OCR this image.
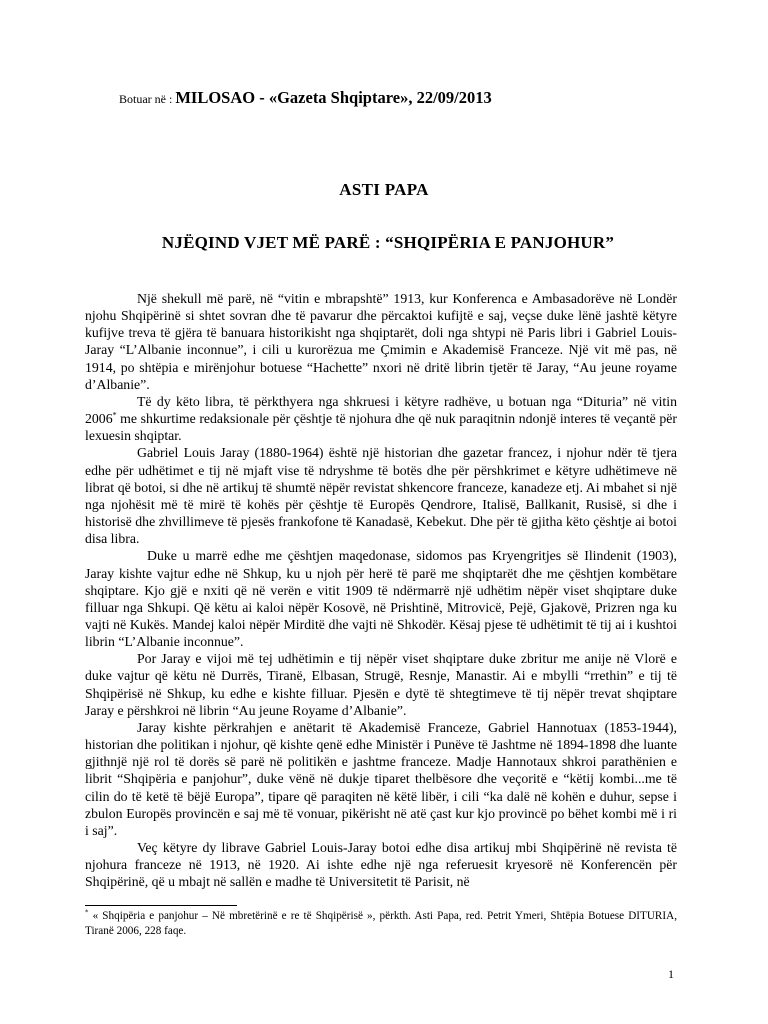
Botuar në : MILOSAO - «Gazeta Shqiptare», 22/09/2013
ASTI PAPA
NJËQIND VJET MË PARË : “SHQIPËRIA E PANJOHUR”

Një shekull më parë, në “vitin e mbrapshtë” 1913, kur Konferenca e Ambasadorëve në Londër njohu Shqipërinë si shtet sovran dhe të pavarur dhe përcaktoi kufijtë e saj, veçse duke lënë jashtë këtyre kufijve treva të gjëra të banuara historikisht nga shqiptarët, doli nga shtypi në Paris libri i Gabriel Louis-Jaray “L’Albanie inconnue”, i cili u kurorëzua me Çmimin e Akademisë Franceze. Një vit më pas, në 1914, po shtëpia e mirënjohur botuese “Hachette” nxori në dritë librin tjetër të Jaray, “Au jeune royame d’Albanie”.

Të dy këto libra, të përkthyera nga shkruesi i këtyre radhëve, u botuan nga “Dituria” në vitin 2006* me shkurtime redaksionale për çështje të njohura dhe që nuk paraqitnin ndonjë interes të veçantë për lexuesin shqiptar.

Gabriel Louis Jaray (1880-1964) është një historian dhe gazetar francez, i njohur ndër të tjera edhe për udhëtimet e tij në mjaft vise të ndryshme të botës dhe për përshkrimet e këtyre udhëtimeve në librat që botoi, si dhe në artikuj të shumtë nëpër revistat shkencore franceze, kanadeze etj. Ai mbahet si një nga njohësit më të mirë të kohës për çështje të Europës Qendrore, Italisë, Ballkanit, Rusisë, si dhe i historisë dhe zhvillimeve të pjesës frankofone të Kanadasë, Kebekut. Dhe për të gjitha këto çështje ai botoi disa libra.

Duke u marrë edhe me çështjen maqedonase, sidomos pas Kryengritjes së Ilindenit (1903), Jaray kishte vajtur edhe në Shkup, ku u njoh për herë të parë me shqiptarët dhe me çështjen kombëtare shqiptare. Kjo gjë e nxiti që në verën e vitit 1909 të ndërmarrë një udhëtim nëpër viset shqiptare duke filluar nga Shkupi. Që këtu ai kaloi nëpër Kosovë, në Prishtinë, Mitrovicë, Pejë, Gjakovë, Prizren nga ku vajti në Kukës. Mandej kaloi nëpër Mirditë dhe vajti në Shkodër. Kësaj pjese të udhëtimit të tij ai i kushtoi librin “L’Albanie inconnue”.

Por Jaray e vijoi më tej udhëtimin e tij nëpër viset shqiptare duke zbritur me anije në Vlorë e duke vajtur që këtu në Durrës, Tiranë, Elbasan, Strugë, Resnje, Manastir. Ai e mbylli “rrethin” e tij të Shqipërisë në Shkup, ku edhe e kishte filluar. Pjesën e dytë të shtegtimeve të tij nëpër trevat shqiptare Jaray e përshkroi në librin “Au jeune Royame d’Albanie”.

Jaray kishte përkrahjen e anëtarit të Akademisë Franceze, Gabriel Hannotuax (1853-1944), historian dhe politikan i njohur, që kishte qenë edhe Ministër i Punëve të Jashtme në 1894-1898 dhe luante gjithnjë një rol të dorës së parë në politikën e jashtme franceze. Madje Hannotaux shkroi parathënien e librit “Shqipëria e panjohur”, duke vënë në dukje tiparet thelbësore dhe veçoritë e “këtij kombi...me të cilin do të ketë të bëjë Europa”, tipare që paraqiten në këtë libër, i cili “ka dalë në kohën e duhur, sepse i zbulon Europës provincën e saj më të vonuar, pikërisht në atë çast kur kjo provincë po bëhet kombi më i ri i saj”.

Veç këtyre dy librave Gabriel Louis-Jaray botoi edhe disa artikuj mbi Shqipërinë në revista të njohura franceze në 1913, në 1920. Ai ishte edhe një nga referuesit kryesorë në Konferencën për Shqipërinë, që u mbajt në sallën e madhe të Universitetit të Parisit, në

* « Shqipëria e panjohur – Në mbretërinë e re të Shqipërisë », përkth. Asti Papa, red. Petrit Ymeri, Shtëpia Botuese DITURIA, Tiranë 2006, 228 faqe.
1
